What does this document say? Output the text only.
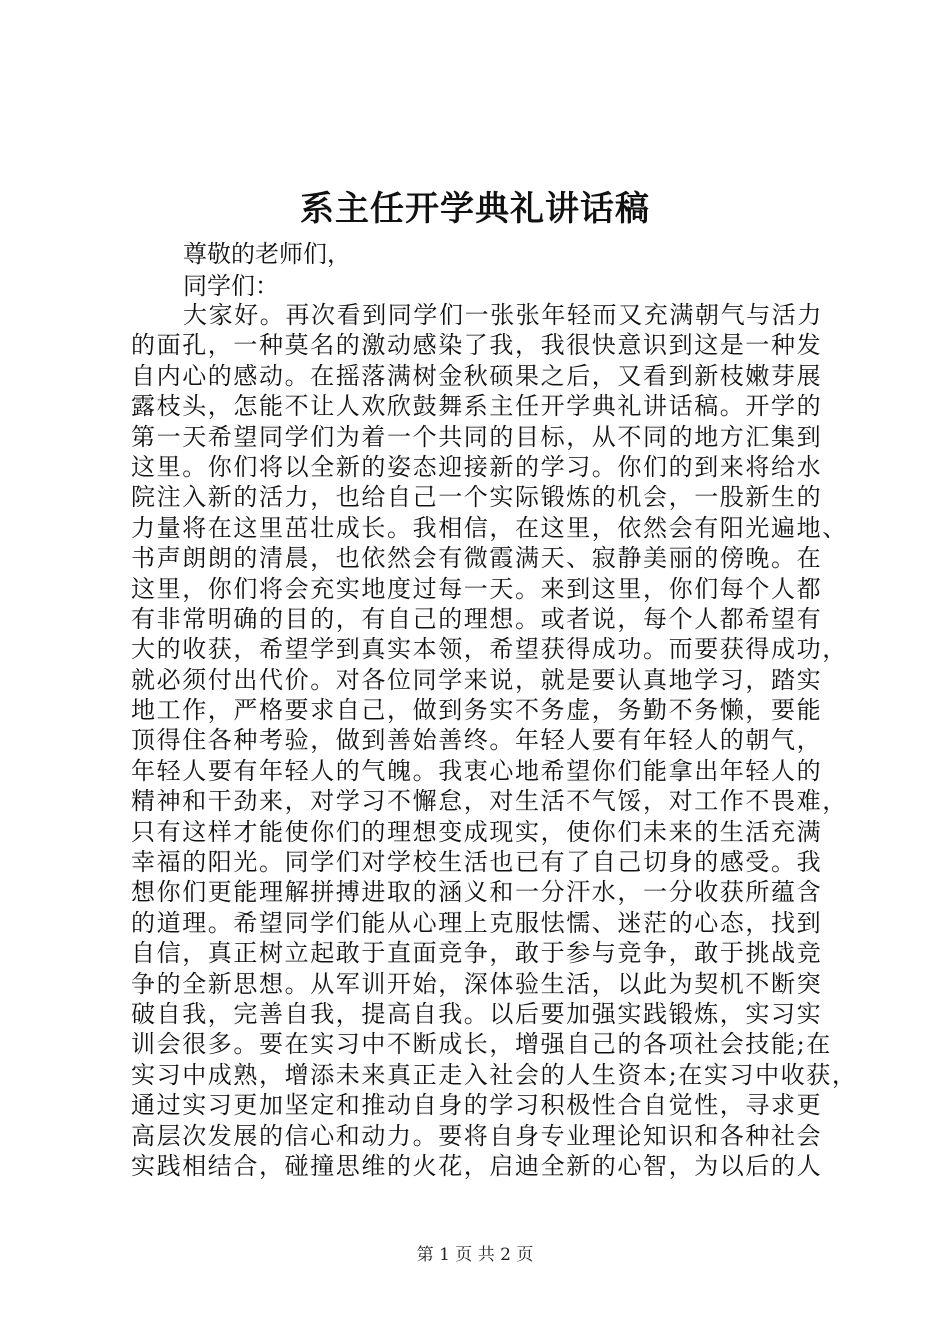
系主任开学典礼讲话稿
尊敬的老师们，
同学们：
大家好。再次看到同学们一张张年轻而又充满朝气与活力
的面孔，一种莫名的激动感染了我，我很快意识到这是一种发
自内心的感动。在摇落满树金秋硕果之后，又看到新枝嫩芽展
露枝头，怎能不让人欢欣鼓舞系主任开学典礼讲话稿。开学的
第一天希望同学们为着一个共同的目标，从不同的地方汇集到
这里。你们将以全新的姿态迎接新的学习。你们的到来将给水
院注入新的活力，也给自己一个实际锻炼的机会，一股新生的
力量将在这里茁壮成长。我相信，在这里，依然会有阳光遍地、
书声朗朗的清晨，也依然会有微霞满天、寂静美丽的傍晚。在
这里，你们将会充实地度过每一天。来到这里，你们每个人都
有非常明确的目的，有自己的理想。或者说，每个人都希望有
大的收获，希望学到真实本领，希望获得成功。而要获得成功，
就必须付出代价。对各位同学来说，就是要认真地学习，踏实
地工作，严格要求自己，做到务实不务虚，务勤不务懒，要能
顶得住各种考验，做到善始善终。年轻人要有年轻人的朝气，
年轻人要有年轻人的气魄。我衷心地希望你们能拿出年轻人的
精神和干劲来，对学习不懈怠，对生活不气馁，对工作不畏难，
只有这样才能使你们的理想变成现实，使你们未来的生活充满
幸福的阳光。同学们对学校生活也已有了自己切身的感受。我
想你们更能理解拼搏进取的涵义和一分汗水，一分收获所蕴含
的道理。希望同学们能从心理上克服怯懦、迷茫的心态，找到
自信，真正树立起敢于直面竞争，敢于参与竞争，敢于挑战竞
争的全新思想。从军训开始，深体验生活，以此为契机不断突
破自我，完善自我，提高自我。以后要加强实践锻炼，实习实
训会很多。要在实习中不断成长，增强自己的各项社会技能;在
实习中成熟，增添未来真正走入社会的人生资本;在实习中收获，
通过实习更加坚定和推动自身的学习积极性合自觉性，寻求更
高层次发展的信心和动力。要将自身专业理论知识和各种社会
实践相结合，碰撞思维的火花，启迪全新的心智，为以后的人
第 1 页 共 2 页
